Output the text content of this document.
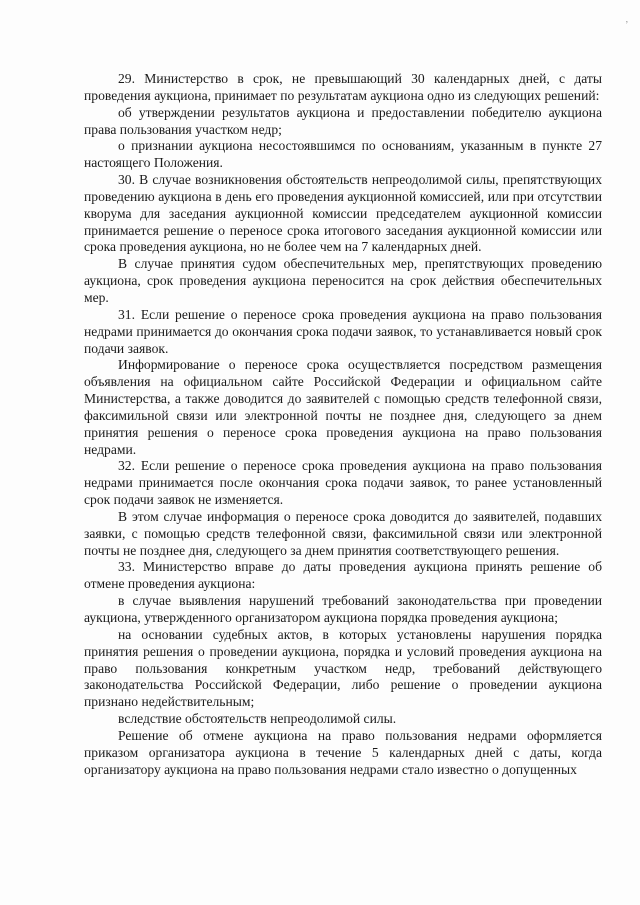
,

29. Министерство в срок, не превышающий 30 календарных дней, с даты проведения аукциона, принимает по результатам аукциона одно из следующих решений:

об утверждении результатов аукциона и предоставлении победителю аукциона права пользования участком недр;

о признании аукциона несостоявшимся по основаниям, указанным в пункте 27 настоящего Положения.

30. В случае возникновения обстоятельств непреодолимой силы, препятствующих проведению аукциона в день его проведения аукционной комиссией, или при отсутствии кворума для заседания аукционной комиссии председателем аукционной комиссии принимается решение о переносе срока итогового заседания аукционной комиссии или срока проведения аукциона, но не более чем на 7 календарных дней.

В случае принятия судом обеспечительных мер, препятствующих проведению аукциона, срок проведения аукциона переносится на срок действия обеспечительных мер.

31. Если решение о переносе срока проведения аукциона на право пользования недрами принимается до окончания срока подачи заявок, то устанавливается новый срок подачи заявок.

Информирование о переносе срока осуществляется посредством размещения объявления на официальном сайте Российской Федерации и официальном сайте Министерства, а также доводится до заявителей с помощью средств телефонной связи, факсимильной связи или электронной почты не позднее дня, следующего за днем принятия решения о переносе срока проведения аукциона на право пользования недрами.

32. Если решение о переносе срока проведения аукциона на право пользования недрами принимается после окончания срока подачи заявок, то ранее установленный срок подачи заявок не изменяется.

В этом случае информация о переносе срока доводится до заявителей, подавших заявки, с помощью средств телефонной связи, факсимильной связи или электронной почты не позднее дня, следующего за днем принятия соответствующего решения.

33. Министерство вправе до даты проведения аукциона принять решение об отмене проведения аукциона:

в случае выявления нарушений требований законодательства при проведении аукциона, утвержденного организатором аукциона порядка проведения аукциона;

на основании судебных актов, в которых установлены нарушения порядка принятия решения о проведении аукциона, порядка и условий проведения аукциона на право пользования конкретным участком недр, требований действующего законодательства Российской Федерации, либо решение о проведении аукциона признано недействительным;

вследствие обстоятельств непреодолимой силы.

Решение об отмене аукциона на право пользования недрами оформляется приказом организатора аукциона в течение 5 календарных дней с даты, когда организатору аукциона на право пользования недрами стало известно о допущенных
